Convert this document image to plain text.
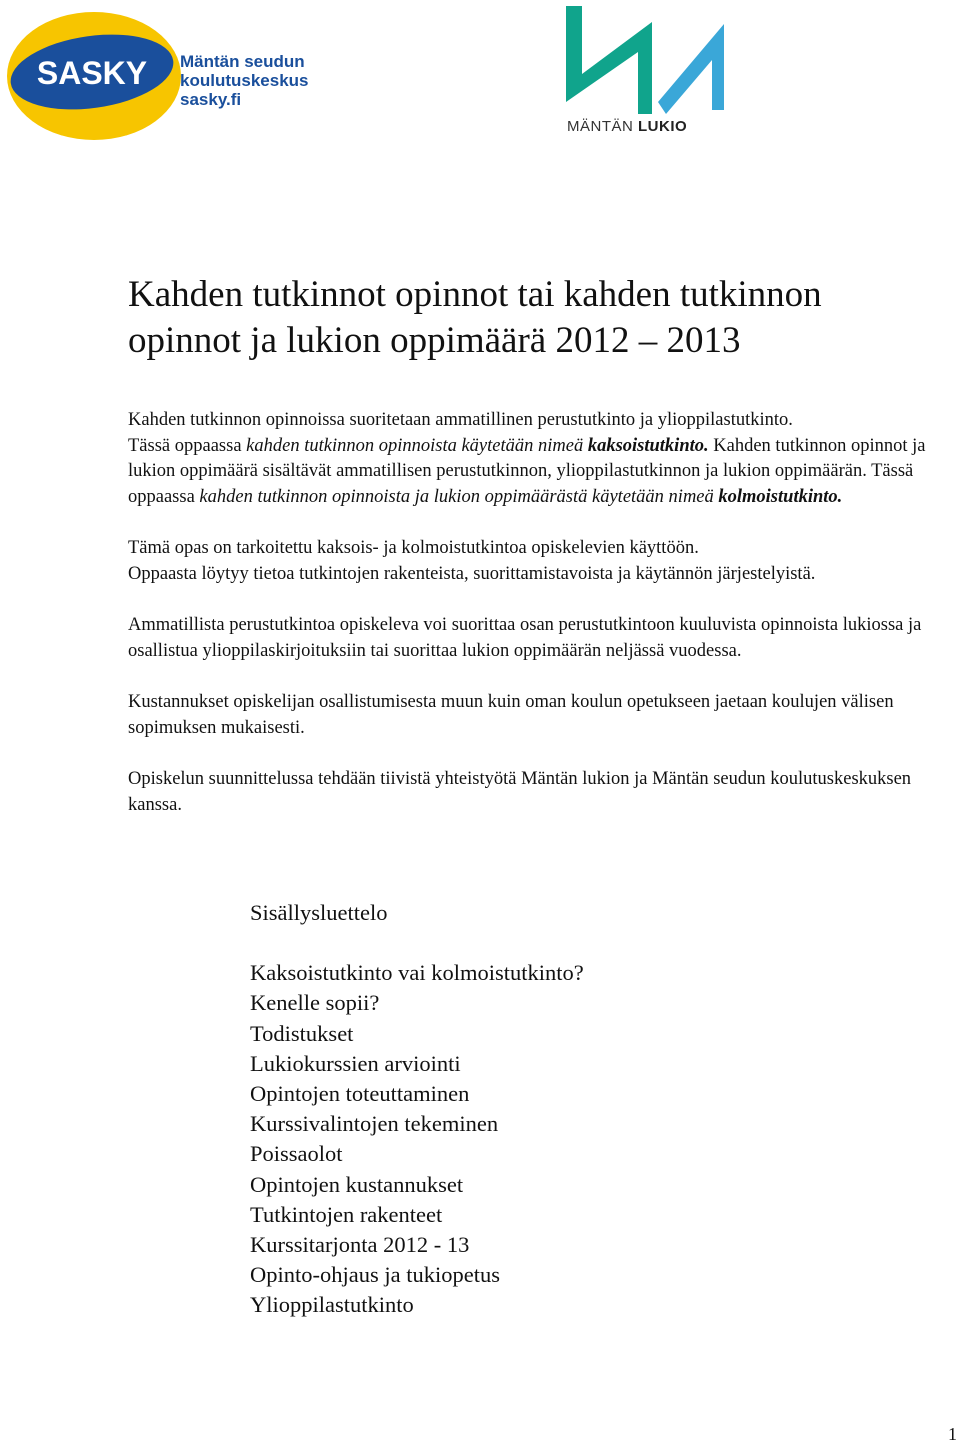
SASKY Mäntän seudun
koulutuskeskus
sasky.fi
MÄNTÄN LUKIO
Kahden tutkinnot opinnot tai kahden tutkinnon
opinnot ja lukion oppimäärä 2012 – 2013

Kahden tutkinnon opinnoissa suoritetaan ammatillinen perustutkinto ja ylioppilastutkinto.
Tässä oppaassa kahden tutkinnon opinnoista käytetään nimeä kaksoistutkinto. Kahden tutkinnon opinnot ja lukion oppimäärä sisältävät ammatillisen perustutkinnon, ylioppilastutkinnon ja lukion oppimäärän. Tässä oppaassa kahden tutkinnon opinnoista ja lukion oppimäärästä käytetään nimeä kolmoistutkinto.

Tämä opas on tarkoitettu kaksois- ja kolmoistutkintoa opiskelevien käyttöön.
Oppaasta löytyy tietoa tutkintojen rakenteista, suorittamistavoista ja käytännön järjestelyistä.

Ammatillista perustutkintoa opiskeleva voi suorittaa osan perustutkintoon kuuluvista opinnoista lukiossa ja osallistua ylioppilaskirjoituksiin tai suorittaa lukion oppimäärän neljässä vuodessa.

Kustannukset opiskelijan osallistumisesta muun kuin oman koulun opetukseen jaetaan koulujen välisen sopimuksen mukaisesti.

Opiskelun suunnittelussa tehdään tiivistä yhteistyötä Mäntän lukion ja Mäntän seudun koulutuskeskuksen kanssa.

Sisällysluettelo
Kaksoistutkinto vai kolmoistutkinto?
Kenelle sopii?
Todistukset
Lukiokurssien arviointi
Opintojen toteuttaminen
Kurssivalintojen tekeminen
Poissaolot
Opintojen kustannukset
Tutkintojen rakenteet
Kurssitarjonta 2012 - 13
Opinto-ohjaus ja tukiopetus
Ylioppilastutkinto
1
